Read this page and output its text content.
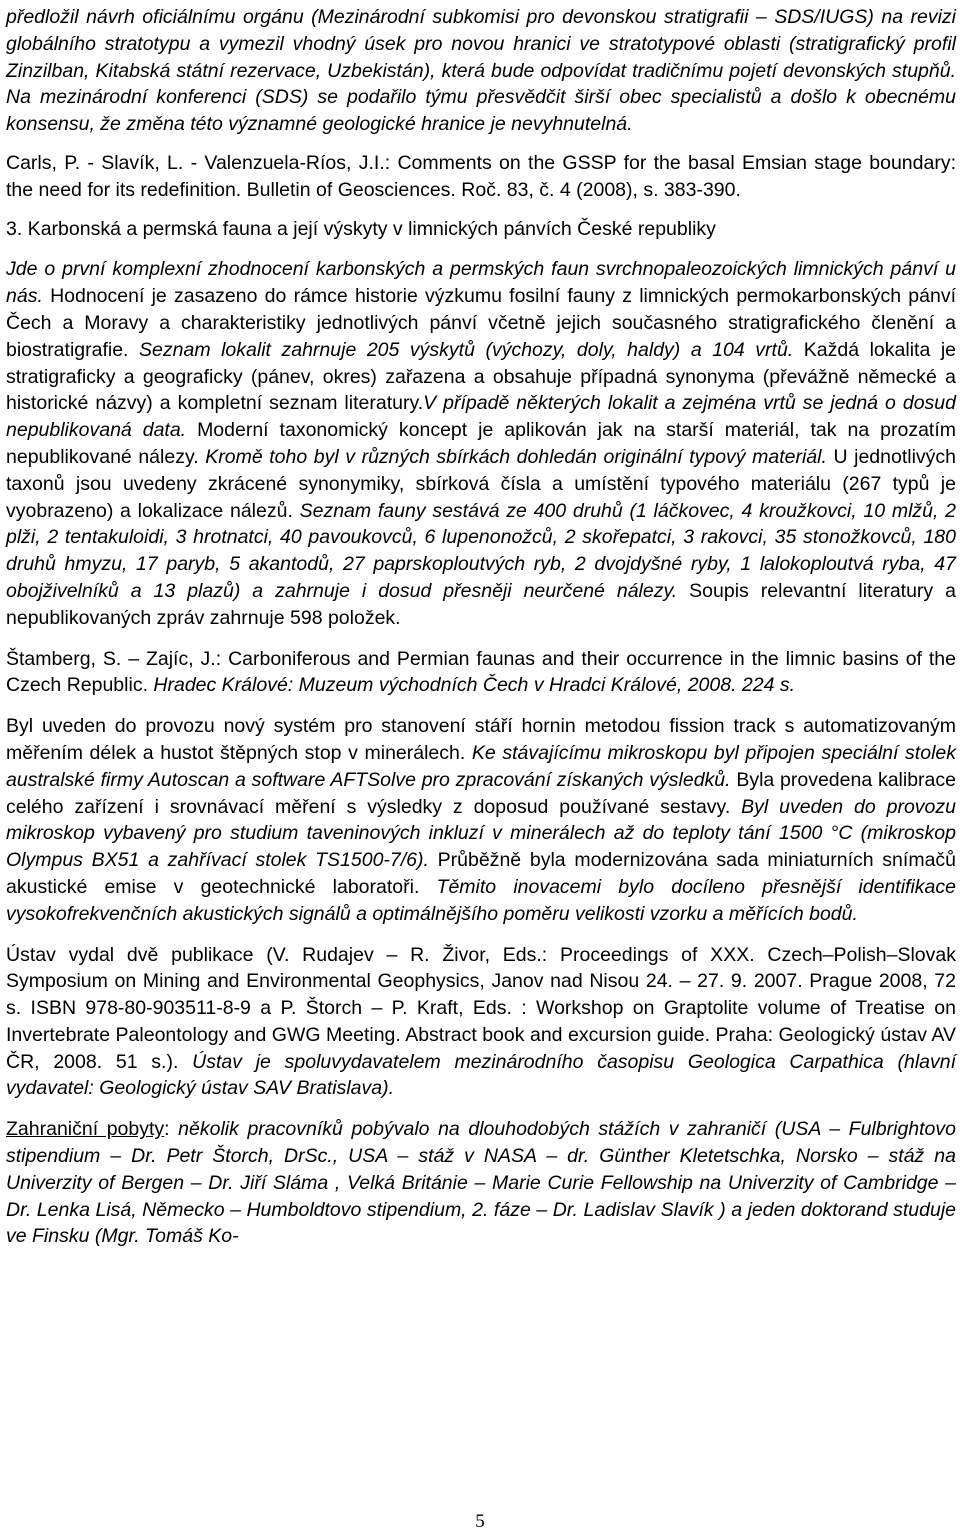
předložil návrh oficiálnímu orgánu (Mezinárodní subkomisi pro devonskou stratigrafii – SDS/IUGS) na revizi globálního stratotypu a vymezil vhodný úsek pro novou hranici ve stratotypové oblasti (stratigrafický profil Zinzilban, Kitabská státní rezervace, Uzbekistán), která bude odpovídat tradičnímu pojetí devonských stupňů. Na mezinárodní konferenci (SDS) se podařilo týmu přesvědčit širší obec specialistů a došlo k obecnému konsensu, že změna této významné geologické hranice je nevyhnutelná.

Carls, P. - Slavík, L. - Valenzuela-Ríos, J.I.: Comments on the GSSP for the basal Emsian stage boundary: the need for its redefinition. Bulletin of Geosciences. Roč. 83, č. 4 (2008), s. 383-390.

3. Karbonská a permská fauna a její výskyty v limnických pánvích České republiky

Jde o první komplexní zhodnocení karbonských a permských faun svrchnopaleozoických limnických pánví u nás. Hodnocení je zasazeno do rámce historie výzkumu fosilní fauny z limnických permokarbonských pánví Čech a Moravy a charakteristiky jednotlivých pánví včetně jejich současného stratigrafického členění a biostratigrafie. Seznam lokalit zahrnuje 205 výskytů (výchozy, doly, haldy) a 104 vrtů. Každá lokalita je stratigraficky a geograficky (pánev, okres) zařazena a obsahuje případná synonyma (převážně německé a historické názvy) a kompletní seznam literatury.V případě některých lokalit a zejména vrtů se jedná o dosud nepublikovaná data. Moderní taxonomický koncept je aplikován jak na starší materiál, tak na prozatím nepublikované nálezy. Kromě toho byl v různých sbírkách dohledán originální typový materiál. U jednotlivých taxonů jsou uvedeny zkrácené synonymiky, sbírková čísla a umístění typového materiálu (267 typů je vyobrazeno) a lokalizace nálezů. Seznam fauny sestává ze 400 druhů (1 láčkovec, 4 kroužkovci, 10 mlžů, 2 plži, 2 tentakuloidi, 3 hrotnatci, 40 pavoukovců, 6 lupenonožců, 2 skořepatci, 3 rakovci, 35 stonožkovců, 180 druhů hmyzu, 17 paryb, 5 akantodů, 27 paprskoploutvých ryb, 2 dvojdyšné ryby, 1 lalokoploutvá ryba, 47 obojživelníků a 13 plazů) a zahrnuje i dosud přesněji neurčené nálezy. Soupis relevantní literatury a nepublikovaných zpráv zahrnuje 598 položek.

Štamberg, S. – Zajíc, J.: Carboniferous and Permian faunas and their occurrence in the limnic basins of the Czech Republic. Hradec Králové: Muzeum východních Čech v Hradci Králové, 2008. 224 s.

Byl uveden do provozu nový systém pro stanovení stáří hornin metodou fission track s automatizovaným měřením délek a hustot štěpných stop v minerálech. Ke stávajícímu mikroskopu byl připojen speciální stolek australské firmy Autoscan a software AFTSolve pro zpracování získaných výsledků. Byla provedena kalibrace celého zařízení i srovnávací měření s výsledky z doposud používané sestavy. Byl uveden do provozu mikroskop vybavený pro studium taveninových inkluzí v minerálech až do teploty tání 1500 °C (mikroskop Olympus BX51 a zahřívací stolek TS1500-7/6). Průběžně byla modernizována sada miniaturních snímačů akustické emise v geotechnické laboratoři. Těmito inovacemi bylo docíleno přesnější identifikace vysokofrekvenčních akustických signálů a optimálnějšího poměru velikosti vzorku a měřících bodů.

Ústav vydal dvě publikace (V. Rudajev – R. Živor, Eds.: Proceedings of XXX. Czech–Polish–Slovak Symposium on Mining and Environmental Geophysics, Janov nad Nisou 24. – 27. 9. 2007. Prague 2008, 72 s. ISBN 978-80-903511-8-9 a P. Štorch – P. Kraft, Eds. : Workshop on Graptolite volume of Treatise on Invertebrate Paleontology and GWG Meeting. Abstract book and excursion guide. Praha: Geologický ústav AV ČR, 2008. 51 s.). Ústav je spoluvydavatelem mezinárodního časopisu Geologica Carpathica (hlavní vydavatel: Geologický ústav SAV Bratislava).

Zahraniční pobyty: několik pracovníků pobývalo na dlouhodobých stážích v zahraničí (USA – Fulbrightovo stipendium – Dr. Petr Štorch, DrSc., USA – stáž v NASA – dr. Günther Kletetschka, Norsko – stáž na Univerzity of Bergen – Dr. Jiří Sláma , Velká Británie – Marie Curie Fellowship na Univerzity of Cambridge – Dr. Lenka Lisá, Německo – Humboldtovo stipendium, 2. fáze – Dr. Ladislav Slavík ) a jeden doktorand studuje ve Finsku (Mgr. Tomáš Ko-

5
